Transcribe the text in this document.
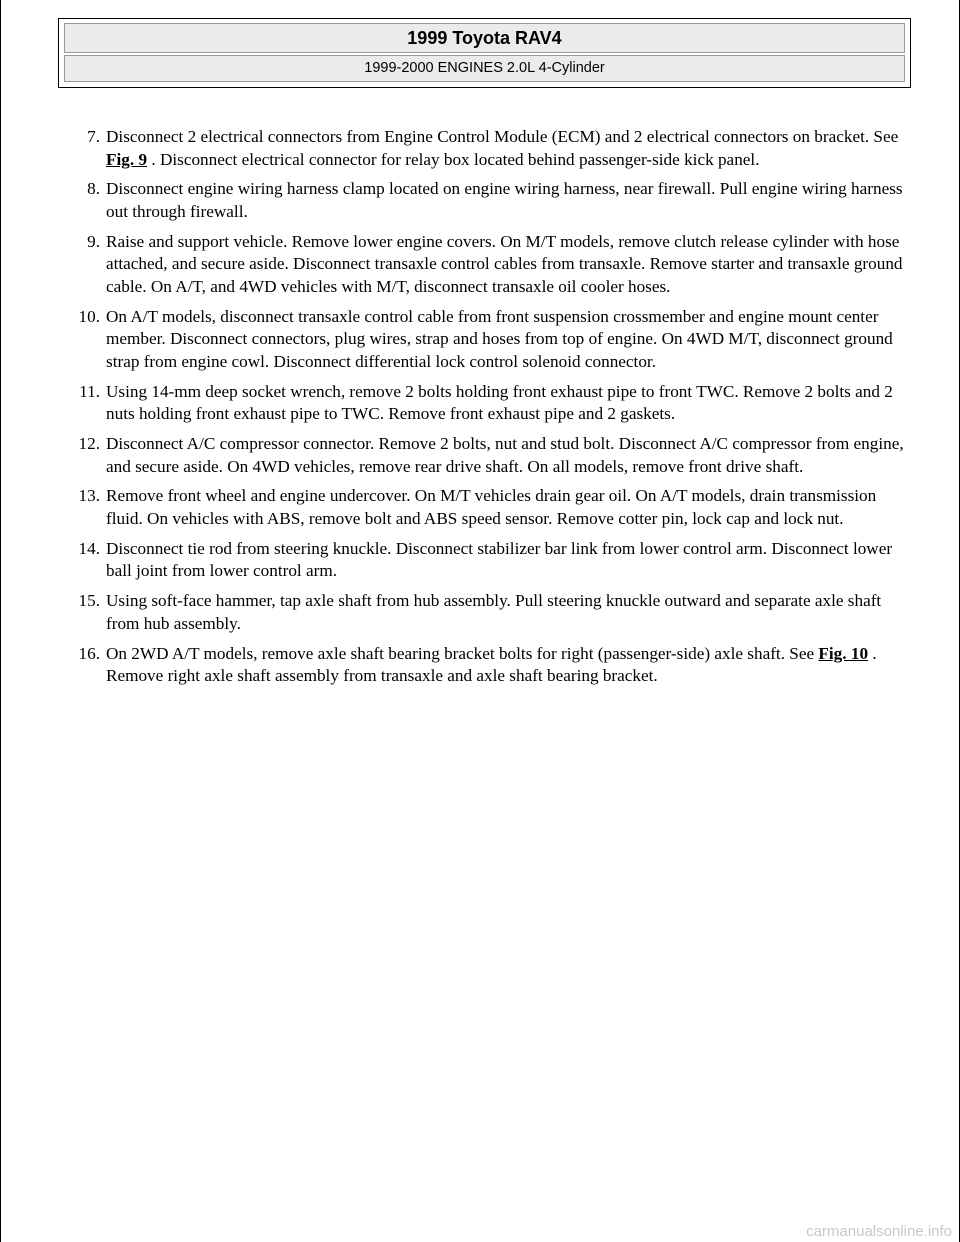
1999 Toyota RAV4
1999-2000 ENGINES 2.0L 4-Cylinder
7. Disconnect 2 electrical connectors from Engine Control Module (ECM) and 2 electrical connectors on bracket. See Fig. 9 . Disconnect electrical connector for relay box located behind passenger-side kick panel.
8. Disconnect engine wiring harness clamp located on engine wiring harness, near firewall. Pull engine wiring harness out through firewall.
9. Raise and support vehicle. Remove lower engine covers. On M/T models, remove clutch release cylinder with hose attached, and secure aside. Disconnect transaxle control cables from transaxle. Remove starter and transaxle ground cable. On A/T, and 4WD vehicles with M/T, disconnect transaxle oil cooler hoses.
10. On A/T models, disconnect transaxle control cable from front suspension crossmember and engine mount center member. Disconnect connectors, plug wires, strap and hoses from top of engine. On 4WD M/T, disconnect ground strap from engine cowl. Disconnect differential lock control solenoid connector.
11. Using 14-mm deep socket wrench, remove 2 bolts holding front exhaust pipe to front TWC. Remove 2 bolts and 2 nuts holding front exhaust pipe to TWC. Remove front exhaust pipe and 2 gaskets.
12. Disconnect A/C compressor connector. Remove 2 bolts, nut and stud bolt. Disconnect A/C compressor from engine, and secure aside. On 4WD vehicles, remove rear drive shaft. On all models, remove front drive shaft.
13. Remove front wheel and engine undercover. On M/T vehicles drain gear oil. On A/T models, drain transmission fluid. On vehicles with ABS, remove bolt and ABS speed sensor. Remove cotter pin, lock cap and lock nut.
14. Disconnect tie rod from steering knuckle. Disconnect stabilizer bar link from lower control arm. Disconnect lower ball joint from lower control arm.
15. Using soft-face hammer, tap axle shaft from hub assembly. Pull steering knuckle outward and separate axle shaft from hub assembly.
16. On 2WD A/T models, remove axle shaft bearing bracket bolts for right (passenger-side) axle shaft. See Fig. 10 . Remove right axle shaft assembly from transaxle and axle shaft bearing bracket.
carmanualsonline.info
